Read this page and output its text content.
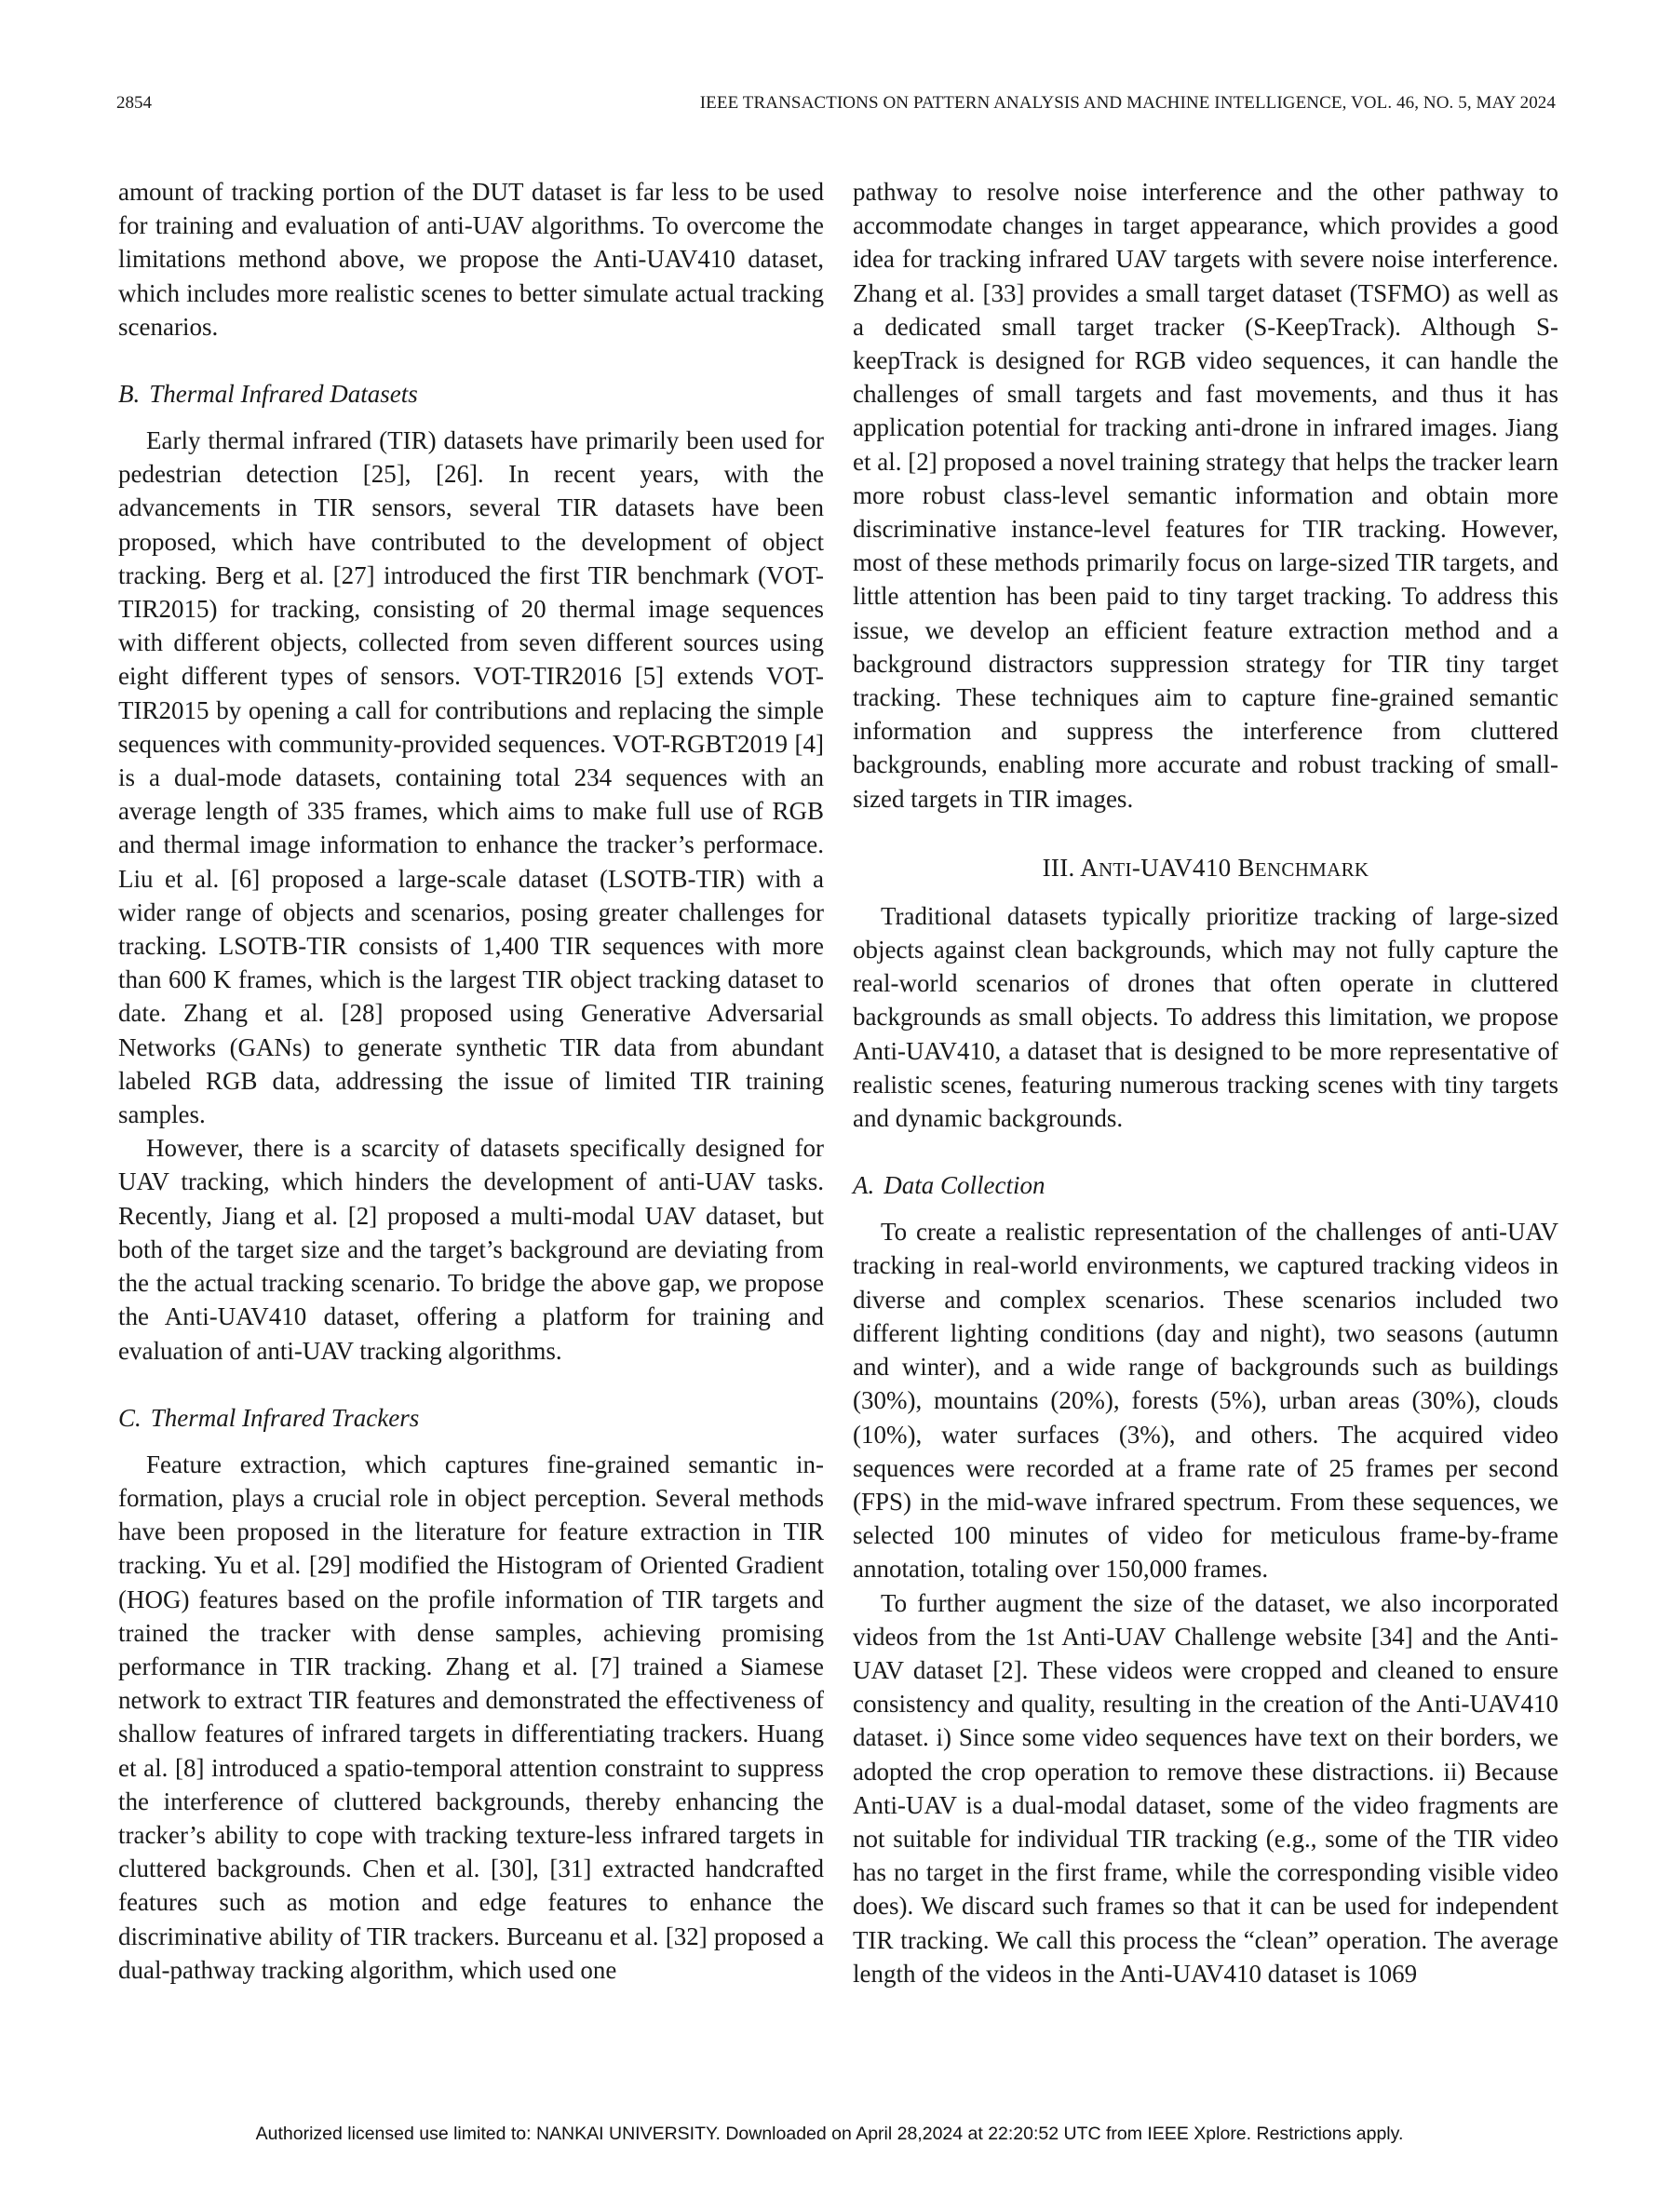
2854	IEEE TRANSACTIONS ON PATTERN ANALYSIS AND MACHINE INTELLIGENCE, VOL. 46, NO. 5, MAY 2024

amount of tracking portion of the DUT dataset is far less to be used for training and evaluation of anti-UAV algorithms. To overcome the limitations methond above, we propose the Anti-UAV410 dataset, which includes more realistic scenes to better simulate actual tracking scenarios.

B. Thermal Infrared Datasets

Early thermal infrared (TIR) datasets have primarily been used for pedestrian detection [25], [26]. In recent years, with the advancements in TIR sensors, several TIR datasets have been proposed, which have contributed to the development of object tracking. Berg et al. [27] introduced the first TIR benchmark (VOT-TIR2015) for tracking, consisting of 20 thermal image sequences with different objects, collected from seven different sources using eight different types of sensors. VOT-TIR2016 [5] extends VOT-TIR2015 by opening a call for contributions and replacing the simple sequences with community-provided sequences. VOT-RGBT2019 [4] is a dual-mode datasets, containing total 234 sequences with an average length of 335 frames, which aims to make full use of RGB and thermal image information to enhance the tracker’s performace. Liu et al. [6] proposed a large-scale dataset (LSOTB-TIR) with a wider range of objects and scenarios, posing greater challenges for tracking. LSOTB-TIR consists of 1,400 TIR sequences with more than 600 K frames, which is the largest TIR object tracking dataset to date. Zhang et al. [28] proposed using Generative Adversarial Networks (GANs) to generate synthetic TIR data from abundant labeled RGB data, addressing the issue of limited TIR training samples.

However, there is a scarcity of datasets specifically designed for UAV tracking, which hinders the development of anti-UAV tasks. Recently, Jiang et al. [2] proposed a multi-modal UAV dataset, but both of the target size and the target’s background are deviating from the the actual tracking scenario. To bridge the above gap, we propose the Anti-UAV410 dataset, offering a platform for training and evaluation of anti-UAV tracking algorithms.

C. Thermal Infrared Trackers

Feature extraction, which captures fine-grained semantic information, plays a crucial role in object perception. Several methods have been proposed in the literature for feature extraction in TIR tracking. Yu et al. [29] modified the Histogram of Oriented Gradient (HOG) features based on the profile information of TIR targets and trained the tracker with dense samples, achieving promising performance in TIR tracking. Zhang et al. [7] trained a Siamese network to extract TIR features and demonstrated the effectiveness of shallow features of infrared targets in differentiating trackers. Huang et al. [8] introduced a spatio-temporal attention constraint to suppress the interference of cluttered backgrounds, thereby enhancing the tracker’s ability to cope with tracking texture-less infrared targets in cluttered backgrounds. Chen et al. [30], [31] extracted handcrafted features such as motion and edge features to enhance the discriminative ability of TIR trackers. Burceanu et al. [32] proposed a dual-pathway tracking algorithm, which used one

pathway to resolve noise interference and the other pathway to accommodate changes in target appearance, which provides a good idea for tracking infrared UAV targets with severe noise interference. Zhang et al. [33] provides a small target dataset (TSFMO) as well as a dedicated small target tracker (S-KeepTrack). Although S-keepTrack is designed for RGB video sequences, it can handle the challenges of small targets and fast movements, and thus it has application potential for tracking anti-drone in infrared images. Jiang et al. [2] proposed a novel training strategy that helps the tracker learn more robust class-level semantic information and obtain more discriminative instance-level features for TIR tracking. However, most of these methods primarily focus on large-sized TIR targets, and little attention has been paid to tiny target tracking. To address this issue, we develop an efficient feature extraction method and a background distractors suppression strategy for TIR tiny target tracking. These techniques aim to capture fine-grained semantic information and suppress the interference from cluttered backgrounds, enabling more accurate and robust tracking of small-sized targets in TIR images.

III. ANTI-UAV410 BENCHMARK

Traditional datasets typically prioritize tracking of large-sized objects against clean backgrounds, which may not fully capture the real-world scenarios of drones that often operate in cluttered backgrounds as small objects. To address this limitation, we propose Anti-UAV410, a dataset that is designed to be more representative of realistic scenes, featuring numerous tracking scenes with tiny targets and dynamic backgrounds.

A. Data Collection

To create a realistic representation of the challenges of anti-UAV tracking in real-world environments, we captured tracking videos in diverse and complex scenarios. These scenarios included two different lighting conditions (day and night), two seasons (autumn and winter), and a wide range of backgrounds such as buildings (30%), mountains (20%), forests (5%), urban areas (30%), clouds (10%), water surfaces (3%), and others. The acquired video sequences were recorded at a frame rate of 25 frames per second (FPS) in the mid-wave infrared spectrum. From these sequences, we selected 100 minutes of video for meticulous frame-by-frame annotation, totaling over 150,000 frames.

To further augment the size of the dataset, we also incorporated videos from the 1st Anti-UAV Challenge website [34] and the Anti-UAV dataset [2]. These videos were cropped and cleaned to ensure consistency and quality, resulting in the creation of the Anti-UAV410 dataset. i) Since some video sequences have text on their borders, we adopted the crop operation to remove these distractions. ii) Because Anti-UAV is a dual-modal dataset, some of the video fragments are not suitable for individual TIR tracking (e.g., some of the TIR video has no target in the first frame, while the corresponding visible video does). We discard such frames so that it can be used for independent TIR tracking. We call this process the “clean” operation. The average length of the videos in the Anti-UAV410 dataset is 1069

Authorized licensed use limited to: NANKAI UNIVERSITY. Downloaded on April 28,2024 at 22:20:52 UTC from IEEE Xplore. Restrictions apply.
